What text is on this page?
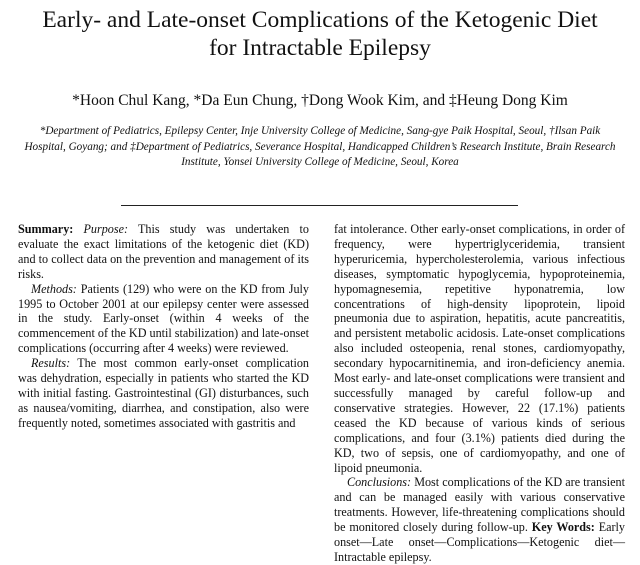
Early- and Late-onset Complications of the Ketogenic Diet
for Intractable Epilepsy
*Hoon Chul Kang, *Da Eun Chung, †Dong Wook Kim, and ‡Heung Dong Kim
*Department of Pediatrics, Epilepsy Center, Inje University College of Medicine, Sang-gye Paik Hospital, Seoul, †Ilsan Paik
Hospital, Goyang; and ‡Department of Pediatrics, Severance Hospital, Handicapped Children’s Research Institute, Brain Research
Institute, Yonsei University College of Medicine, Seoul, Korea

Summary: Purpose: This study was undertaken to evaluate the exact limitations of the ketogenic diet (KD) and to collect data on the prevention and management of its risks.

Methods: Patients (129) who were on the KD from July 1995 to October 2001 at our epilepsy center were assessed in the study. Early-onset (within 4 weeks of the commencement of the KD until stabilization) and late-onset complications (occurring after 4 weeks) were reviewed.

Results: The most common early-onset complication was dehydration, especially in patients who started the KD with initial fasting. Gastrointestinal (GI) disturbances, such as nausea/vomiting, diarrhea, and constipation, also were frequently noted, sometimes associated with gastritis and

fat intolerance. Other early-onset complications, in order of frequency, were hypertriglyceridemia, transient hyperuricemia, hypercholesterolemia, various infectious diseases, symptomatic hypoglycemia, hypoproteinemia, hypomagnesemia, repetitive hyponatremia, low concentrations of high-density lipoprotein, lipoid pneumonia due to aspiration, hepatitis, acute pancreatitis, and persistent metabolic acidosis. Late-onset complications also included osteopenia, renal stones, cardiomyopathy, secondary hypocarnitinemia, and iron-deficiency anemia. Most early- and late-onset complications were transient and successfully managed by careful follow-up and conservative strategies. However, 22 (17.1%) patients ceased the KD because of various kinds of serious complications, and four (3.1%) patients died during the KD, two of sepsis, one of cardiomyopathy, and one of lipoid pneumonia.

Conclusions: Most complications of the KD are transient and can be managed easily with various conservative treatments. However, life-threatening complications should be monitored closely during follow-up. Key Words: Early onset—Late onset—Complications—Ketogenic diet—Intractable epilepsy.
